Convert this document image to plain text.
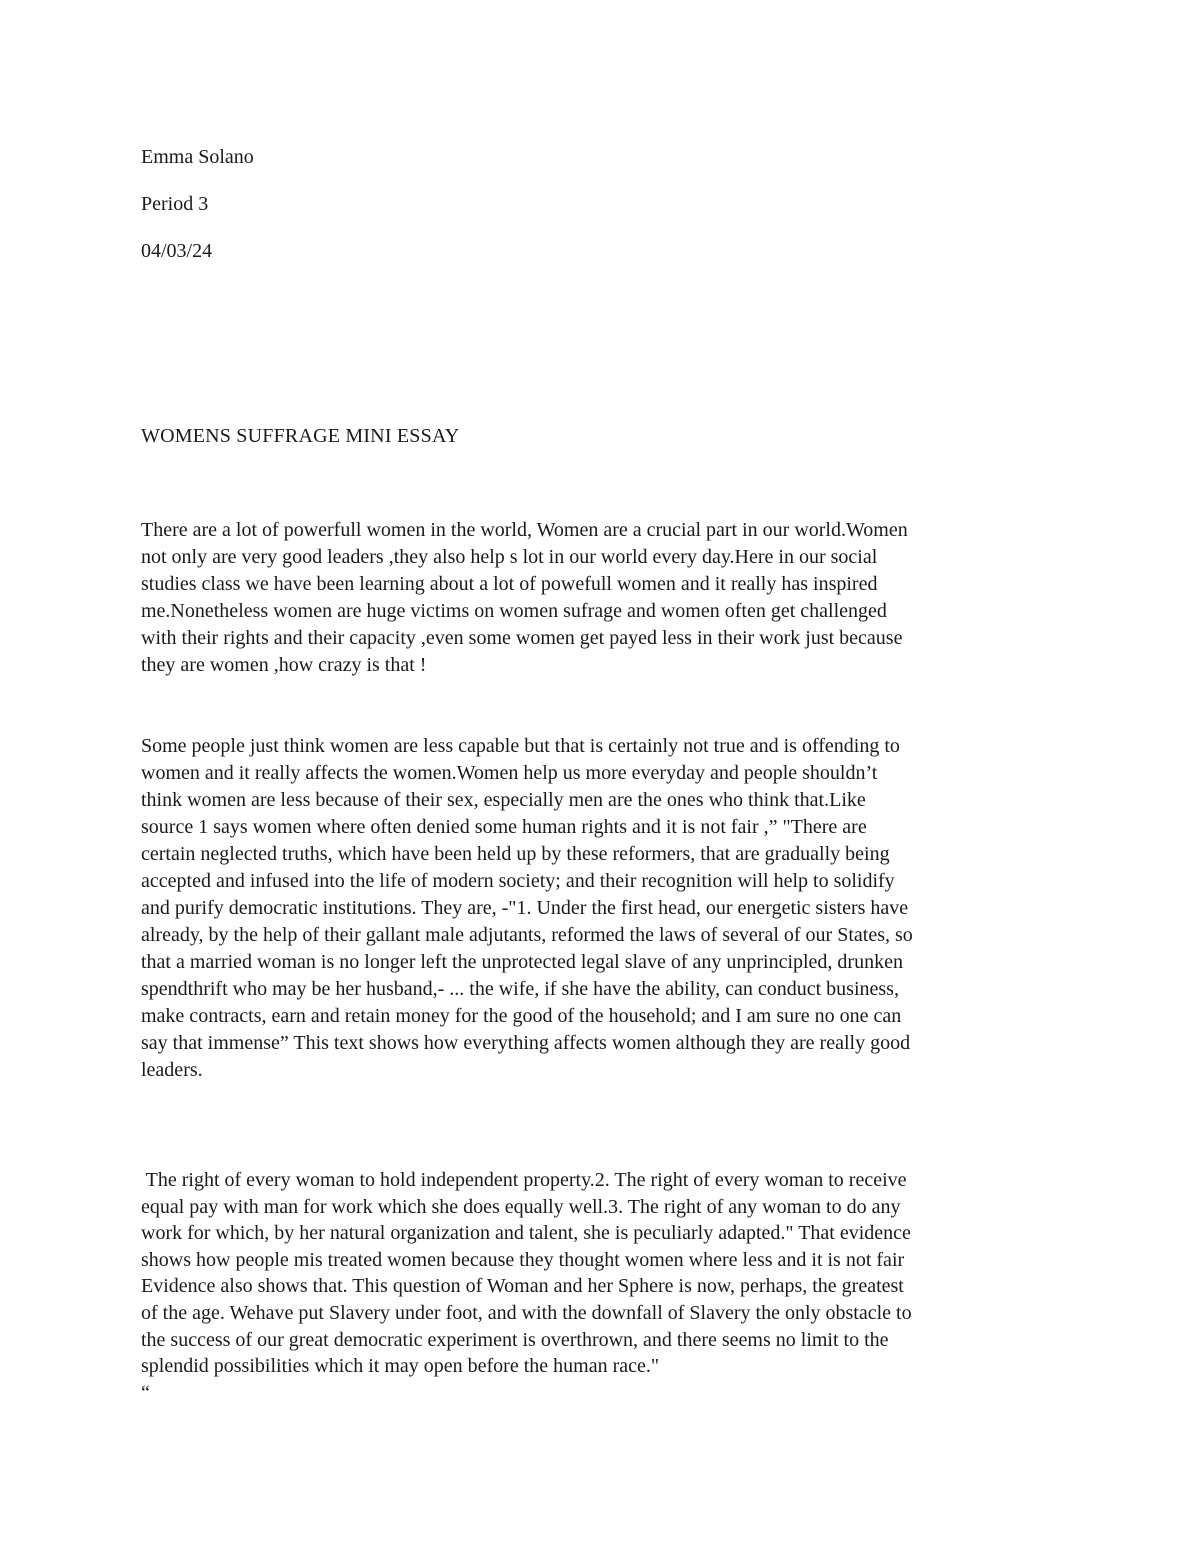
Emma Solano

Period 3

04/03/24

WOMENS SUFFRAGE MINI ESSAY

There are a lot of powerfull women in the world, Women are a crucial part in our world.Women
not only are very good leaders ,they also help s lot in our world every day.Here in our social
studies class we have been learning about a lot of powefull women and it really has inspired
me.Nonetheless women are huge victims on women sufrage and women often get challenged
with their rights and their capacity ,even some women get payed less in their work just because
they are women ,how crazy is that !
Some people just think women are less capable but that is certainly not true and is offending to
women and it really affects the women.Women help us more everyday and people shouldn’t
think women are less because of their sex, especially men are the ones who think that.Like
source 1 says women where often denied some human rights and it is not fair ,” "There are
certain neglected truths, which have been held up by these reformers, that are gradually being
accepted and infused into the life of modern society; and their recognition will help to solidify
and purify democratic institutions. They are, -"1. Under the first head, our energetic sisters have
already, by the help of their gallant male adjutants, reformed the laws of several of our States, so
that a married woman is no longer left the unprotected legal slave of any unprincipled, drunken
spendthrift who may be her husband,- ... the wife, if she have the ability, can conduct business,
make contracts, earn and retain money for the good of the household; and I am sure no one can
say that immense” This text shows how everything affects women although they are really good
leaders.
The right of every woman to hold independent property.2. The right of every woman to receive
equal pay with man for work which she does equally well.3. The right of any woman to do any
work for which, by her natural organization and talent, she is peculiarly adapted." That evidence
shows how people mis treated women because they thought women where less and it is not fair
Evidence also shows that. This question of Woman and her Sphere is now, perhaps, the greatest
of the age. Wehave put Slavery under foot, and with the downfall of Slavery the only obstacle to
the success of our great democratic experiment is overthrown, and there seems no limit to the
splendid possibilities which it may open before the human race."
“
